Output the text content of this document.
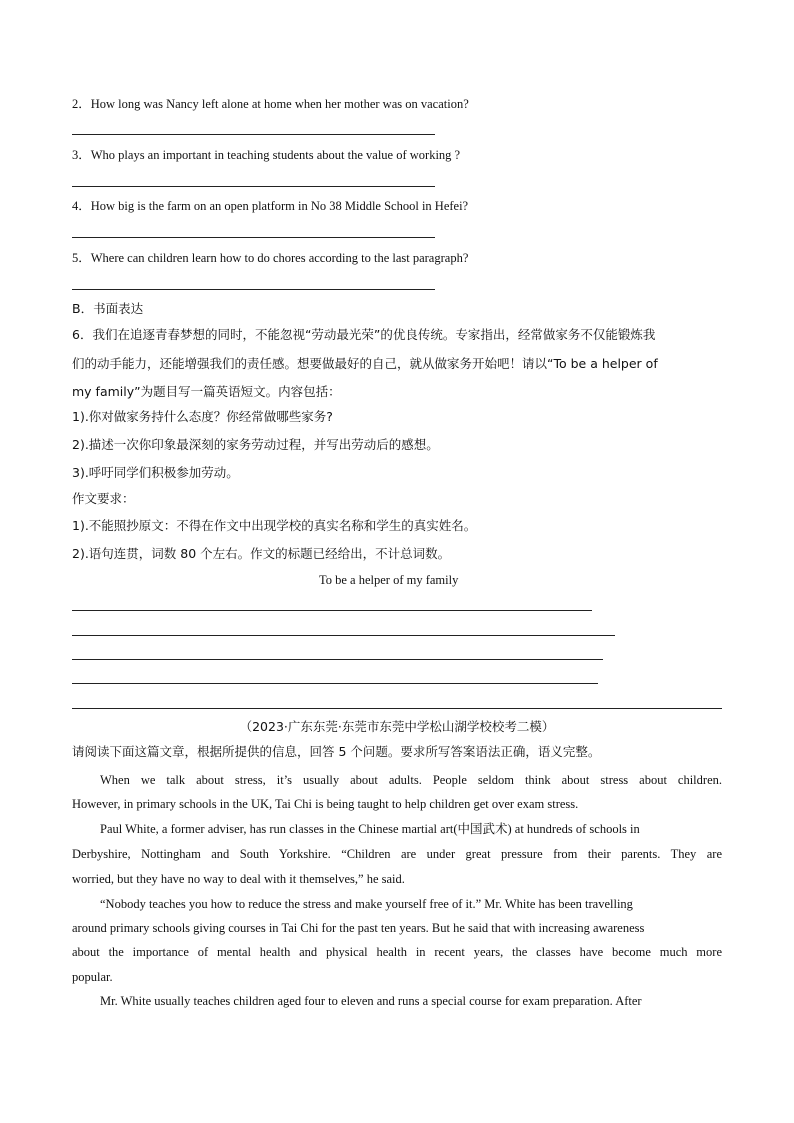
2．How long was Nancy left alone at home when her mother was on vacation?
3．Who plays an important in teaching students about the value of working ?
4．How big is the farm on an open platform in No 38 Middle School in Hefei?
5．Where can children learn how to do chores according to the last paragraph?
B．书面表达
6．我们在追逐青春梦想的同时，不能忽视“劳动最光荣”的优良传统。专家指出，经常做家务不仅能锻炼我
们的动手能力，还能增强我们的责任感。想要做最好的自己，就从做家务开始吧！请以“To be a helper of
my family”为题目写一篇英语短文。内容包括：
1).你对做家务持什么态度？你经常做哪些家务?
2).描述一次你印象最深刻的家务劳动过程，并写出劳动后的感想。
3).呼吁同学们积极参加劳动。
作文要求：
1).不能照抄原文：不得在作文中出现学校的真实名称和学生的真实姓名。
2).语句连贯，词数 80 个左右。作文的标题已经给出，不计总词数。
To be a helper of my family
（2023·广东东莞·东莞市东莞中学松山湖学校校考二模）
请阅读下面这篇文章，根据所提供的信息，回答 5 个问题。要求所写答案语法正确，语义完整。
When we talk about stress, it’s usually about adults. People seldom think about stress about children.
However, in primary schools in the UK, Tai Chi is being taught to help children get over exam stress.
Paul White, a former adviser, has run classes in the Chinese martial art(中国武术) at hundreds of schools in
Derbyshire, Nottingham and South Yorkshire. “Children are under great pressure from their parents. They are
worried, but they have no way to deal with it themselves,” he said.
“Nobody teaches you how to reduce the stress and make yourself free of it.” Mr. White has been travelling
around primary schools giving courses in Tai Chi for the past ten years. But he said that with increasing awareness
about the importance of mental health and physical health in recent years, the classes have become much more
popular.
Mr. White usually teaches children aged four to eleven and runs a special course for exam preparation. After
